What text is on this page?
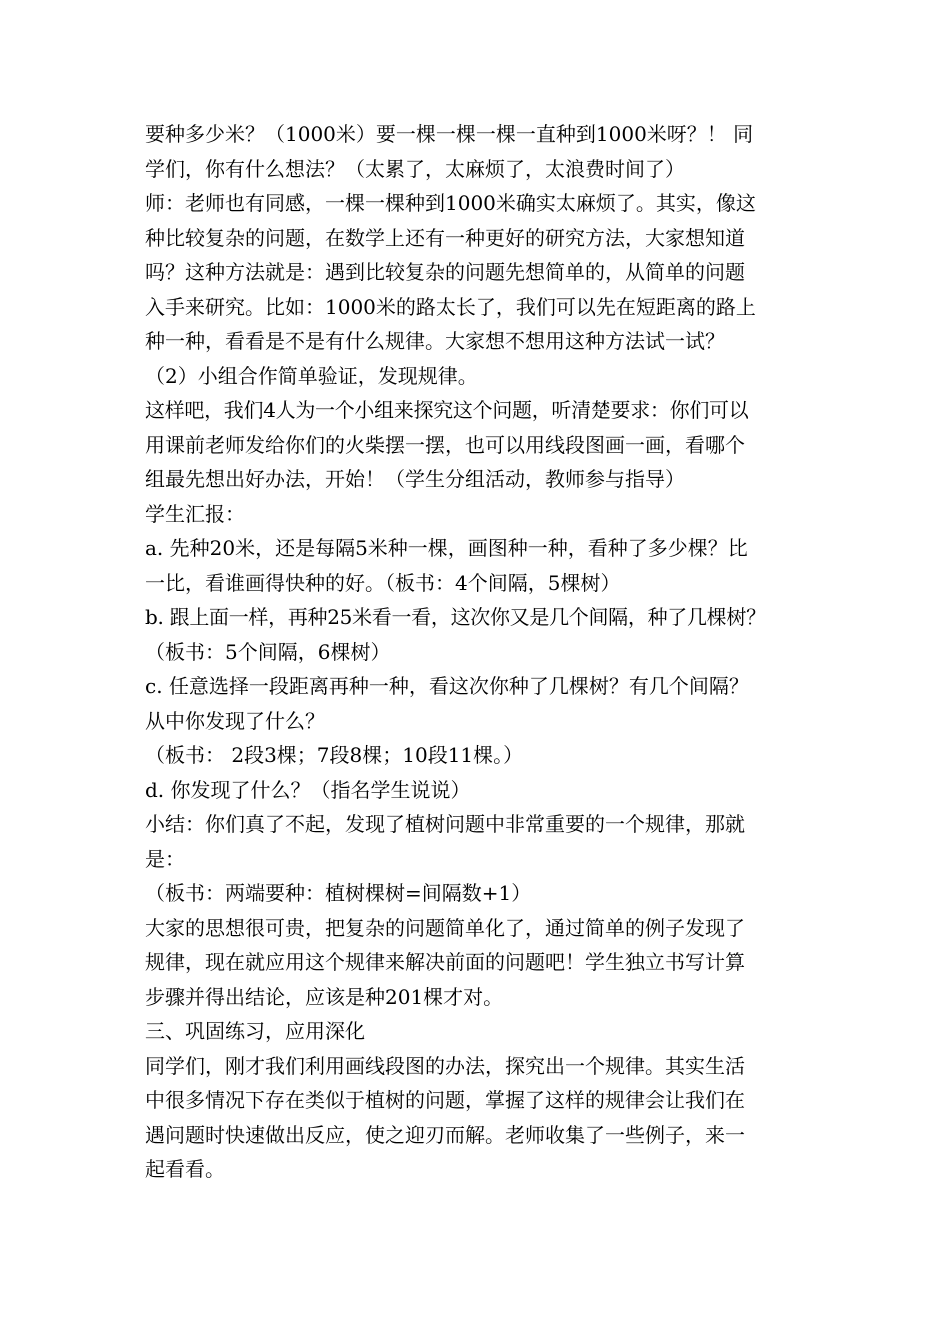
要种多少米？（1000米）要一棵一棵一棵一直种到1000米呀？！ 同
学们，你有什么想法？（太累了，太麻烦了，太浪费时间了）
师：老师也有同感，一棵一棵种到1000米确实太麻烦了。其实，像这
种比较复杂的问题，在数学上还有一种更好的研究方法，大家想知道
吗？这种方法就是：遇到比较复杂的问题先想简单的，从简单的问题
入手来研究。比如：1000米的路太长了，我们可以先在短距离的路上
种一种，看看是不是有什么规律。大家想不想用这种方法试一试？
（2）小组合作简单验证，发现规律。
这样吧，我们4人为一个小组来探究这个问题，听清楚要求：你们可以
用课前老师发给你们的火柴摆一摆，也可以用线段图画一画，看哪个
组最先想出好办法，开始！（学生分组活动，教师参与指导）
学生汇报：
a. 先种20米，还是每隔5米种一棵，画图种一种，看种了多少棵？比
一比，看谁画得快种的好。（板书：4个间隔，5棵树）
b. 跟上面一样，再种25米看一看，这次你又是几个间隔，种了几棵树？
（板书：5个间隔，6棵树）
c. 任意选择一段距离再种一种，看这次你种了几棵树？有几个间隔？
从中你发现了什么？
（板书： 2段3棵；7段8棵；10段11棵。）
d. 你发现了什么？（指名学生说说）
小结：你们真了不起，发现了植树问题中非常重要的一个规律，那就
是：
（板书：两端要种：植树棵树=间隔数+1）
大家的思想很可贵，把复杂的问题简单化了，通过简单的例子发现了
规律，现在就应用这个规律来解决前面的问题吧！学生独立书写计算
步骤并得出结论，应该是种201棵才对。
三、巩固练习，应用深化
同学们，刚才我们利用画线段图的办法，探究出一个规律。其实生活
中很多情况下存在类似于植树的问题，掌握了这样的规律会让我们在
遇问题时快速做出反应，使之迎刃而解。老师收集了一些例子，来一
起看看。
